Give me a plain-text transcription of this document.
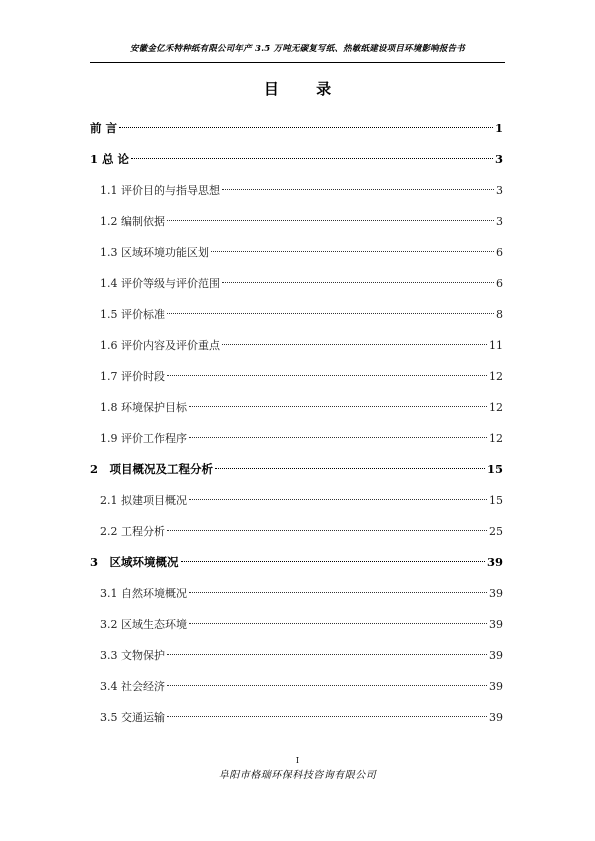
安徽金亿禾特种纸有限公司年产 3.5 万吨无碳复写纸、热敏纸建设项目环境影响报告书
目 录
前 言	1
1 总 论	3
1.1 评价目的与指导思想	3
1.2 编制依据	3
1.3 区域环境功能区划	6
1.4 评价等级与评价范围	6
1.5 评价标准	8
1.6 评价内容及评价重点	11
1.7 评价时段	12
1.8 环境保护目标	12
1.9 评价工作程序	12
2　项目概况及工程分析	15
2.1 拟建项目概况	15
2.2 工程分析	25
3　区域环境概况	39
3.1 自然环境概况	39
3.2 区域生态环境	39
3.3 文物保护	39
3.4 社会经济	39
3.5 交通运输	39
I
阜阳市格瑞环保科技咨询有限公司
